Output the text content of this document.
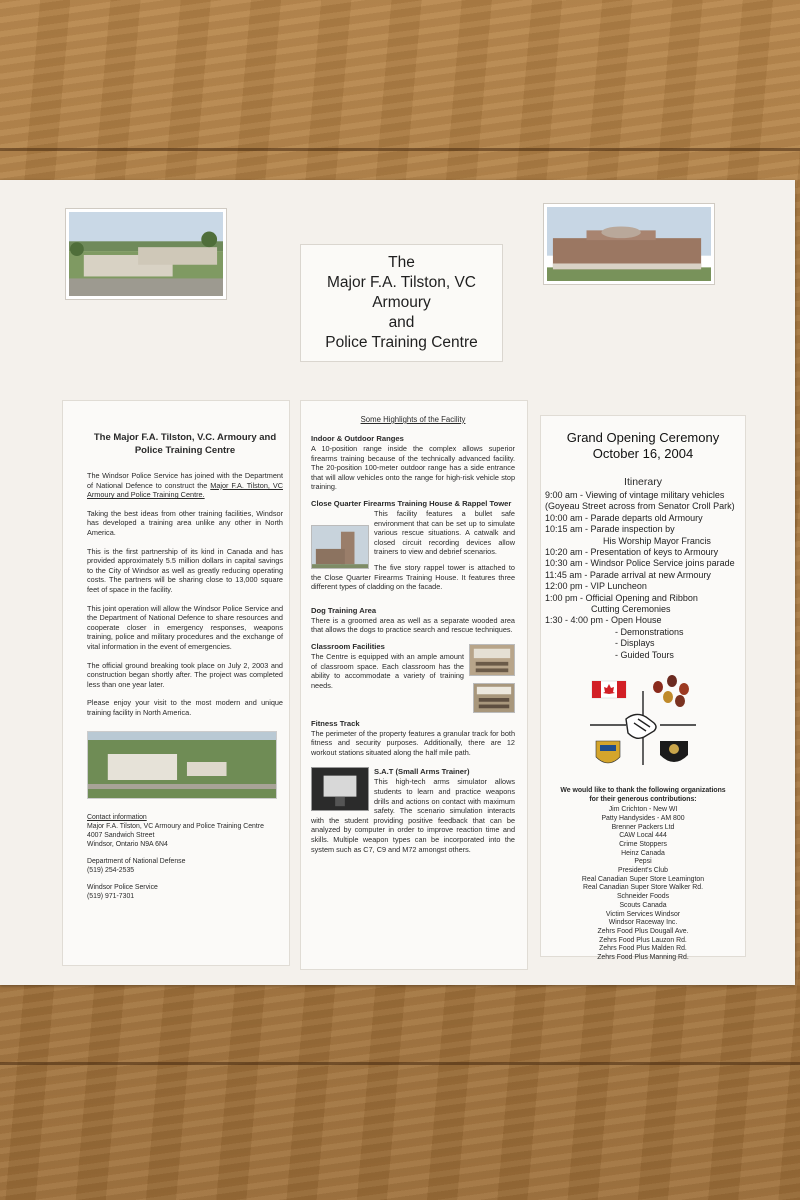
The
Major F.A. Tilston, VC
Armoury
and
Police Training Centre
The Major F.A. Tilston, V.C. Armoury and Police Training Centre

The Windsor Police Service has joined with the Department of National Defence to construct the Major F.A. Tilston, VC Armoury and Police Training Centre.

Taking the best ideas from other training facilities, Windsor has developed a training area unlike any other in North America.

This is the first partnership of its kind in Canada and has provided approximately 5.5 million dollars in capital savings to the City of Windsor as well as greatly reducing operating costs. The partners will be sharing close to 13,000 square feet of space in the facility.

This joint operation will allow the Windsor Police Service and the Department of National Defence to share resources and cooperate closer in emergency responses, weapons training, police and military procedures and the exchange of vital information in the event of emergencies.

The official ground breaking took place on July 2, 2003 and construction began shortly after. The project was completed less than one year later.

Please enjoy your visit to the most modern and unique training facility in North America.

Contact information
Major F.A. Tilston, VC Armoury and Police Training Centre
4007 Sandwich Street
Windsor, Ontario N9A 6N4
Department of National Defense
(519) 254-2535
Windsor Police Service
(519) 971-7301
Some Highlights of the Facility
Indoor & Outdoor Ranges

A 10-position range inside the complex allows superior firearms training because of the technically advanced facility. The 20-position 100-meter outdoor range has a side entrance that will allow vehicles onto the range for high-risk vehicle stop training.

Close Quarter Firearms Training House & Rappel Tower
This facility features a bullet safe environment that can be set up to simulate various rescue situations. A catwalk and closed circuit recording devices allow trainers to view and debrief scenarios.
The five story rappel tower is attached to the Close Quarter Firearms Training House. It features three different types of cladding on the facade.
Dog Training Area

There is a groomed area as well as a separate wooded area that allows the dogs to practice search and rescue techniques.

Classroom Facilities
The Centre is equipped with an ample amount of classroom space. Each classroom has the ability to accommodate a variety of training needs.
Fitness Track

The perimeter of the property features a granular track for both fitness and security purposes. Additionally, there are 12 workout stations situated along the half mile path.

S.A.T (Small Arms Trainer)
This high-tech arms simulator allows students to learn and practice weapons drills and actions on contact with maximum safety. The scenario simulation interacts with the student providing positive feedback that can be analyzed by computer in order to improve reaction time and skills. Multiple weapon types can be incorporated into the system such as C7, C9 and M72 amongst others.
Grand Opening Ceremony
October 16, 2004
Itinerary
9:00 am - Viewing of vintage military vehicles
(Goyeau Street across from Senator Croll Park)
10:00 am - Parade departs old Armoury
10:15 am - Parade inspection by
His Worship Mayor Francis
10:20 am - Presentation of keys to Armoury
10:30 am - Windsor Police Service joins parade
11:45 am - Parade arrival at new Armoury
12:00 pm - VIP Luncheon
1:00 pm - Official Opening and Ribbon
Cutting Ceremonies
1:30 - 4:00 pm - Open House
- Demonstrations
- Displays
- Guided Tours
We would like to thank the following organizations
for their generous contributions:
Jim Crichton - New WI
Patty Handysides - AM 800
Brenner Packers Ltd
CAW Local 444
Crime Stoppers
Heinz Canada
Pepsi
President's Club
Real Canadian Super Store Leamington
Real Canadian Super Store Walker Rd.
Schneider Foods
Scouts Canada
Victim Services Windsor
Windsor Raceway Inc.
Zehrs Food Plus Dougall Ave.
Zehrs Food Plus Lauzon Rd.
Zehrs Food Plus Malden Rd.
Zehrs Food Plus Manning Rd.
